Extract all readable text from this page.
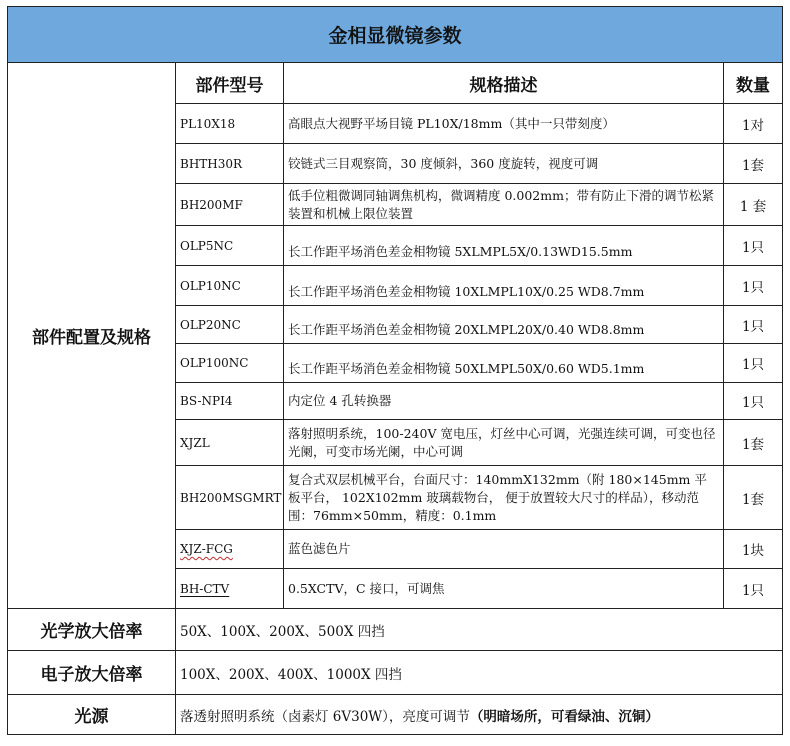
金相显微镜参数			
部件配置及规格	部件型号	规格描述	数量
	PL10X18	高眼点大视野平场目镜 PL10X/18mm（其中一只带刻度）	1对
	BHTH30R	铰链式三目观察筒，30 度倾斜，360 度旋转，视度可调	1套
	BH200MF	低手位粗微调同轴调焦机构，微调精度 0.002mm；带有防止下滑的调节松紧装置和机械上限位装置	1 套
	OLP5NC	长工作距平场消色差金相物镜 5XLMPL5X/0.13WD15.5mm	1只
	OLP10NC	长工作距平场消色差金相物镜 10XLMPL10X/0.25 WD8.7mm	1只
	OLP20NC	长工作距平场消色差金相物镜 20XLMPL20X/0.40 WD8.8mm	1只
	OLP100NC	长工作距平场消色差金相物镜 50XLMPL50X/0.60 WD5.1mm	1只
	BS-NPI4	内定位 4 孔转换器	1只
	XJZL	落射照明系统，100-240V 宽电压，灯丝中心可调，光强连续可调，可变也径光阑，可变市场光阑，中心可调	1套
	BH200MSGMRT	复合式双层机械平台，台面尺寸：140mmX132mm（附 180×145mm 平板平台， 102X102mm 玻璃载物台， 便于放置较大尺寸的样品），移动范围：76mm×50mm，精度：0.1mm	1套
	XJZ-FCG	蓝色滤色片	1块
	BH-CTV	0.5XCTV，C 接口，可调焦	1只
光学放大倍率	50X、100X、200X、500X 四挡		
电子放大倍率	100X、200X、400X、1000X 四挡		
光源	落透射照明系统（卤素灯 6V30W），亮度可调节（明暗场所，可看绿油、沉铜）		
